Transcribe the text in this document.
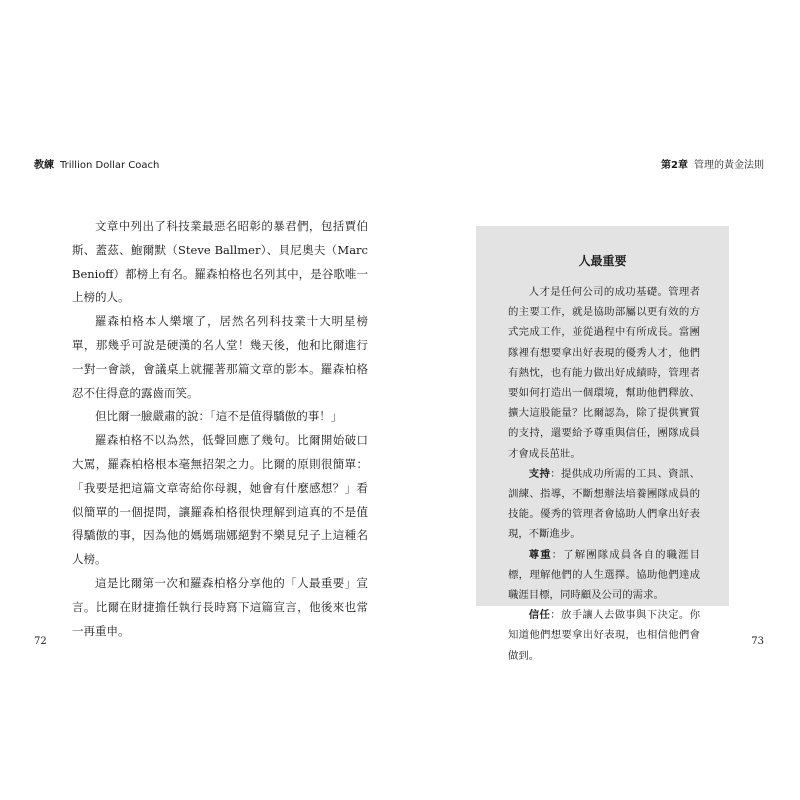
教練 Trillion Dollar Coach

文章中列出了科技業最惡名昭彰的暴君們，包括賈伯斯、蓋茲、鮑爾默（Steve Ballmer）、貝尼奧夫（Marc Benioff）都榜上有名。羅森柏格也名列其中，是谷歌唯一上榜的人。

羅森柏格本人樂壞了，居然名列科技業十大明星榜單，那幾乎可說是硬漢的名人堂！幾天後，他和比爾進行一對一會談，會議桌上就擺著那篇文章的影本。羅森柏格忍不住得意的露齒而笑。

但比爾一臉嚴肅的說：「這不是值得驕傲的事！」

羅森柏格不以為然，低聲回應了幾句。比爾開始破口大罵，羅森柏格根本毫無招架之力。比爾的原則很簡單：「我要是把這篇文章寄給你母親，她會有什麼感想？」看似簡單的一個提問，讓羅森柏格很快理解到這真的不是值得驕傲的事，因為他的媽媽瑞娜絕對不樂見兒子上這種名人榜。

這是比爾第一次和羅森柏格分享他的「人最重要」宣言。比爾在財捷擔任執行長時寫下這篇宣言，他後來也常一再重申。

72
第2章 管理的黃金法則
人最重要

人才是任何公司的成功基礎。管理者的主要工作，就是協助部屬以更有效的方式完成工作，並從過程中有所成長。當團隊裡有想要拿出好表現的優秀人才，他們有熱忱，也有能力做出好成績時，管理者要如何打造出一個環境，幫助他們釋放、擴大這股能量？比爾認為，除了提供實質的支持，還要給予尊重與信任，團隊成員才會成長茁壯。

支持：提供成功所需的工具、資訊、訓練、指導，不斷想辦法培養團隊成員的技能。優秀的管理者會協助人們拿出好表現，不斷進步。

尊重：了解團隊成員各自的職涯目標，理解他們的人生選擇。協助他們達成職涯目標，同時顧及公司的需求。

信任：放手讓人去做事與下決定。你知道他們想要拿出好表現，也相信他們會做到。

73
